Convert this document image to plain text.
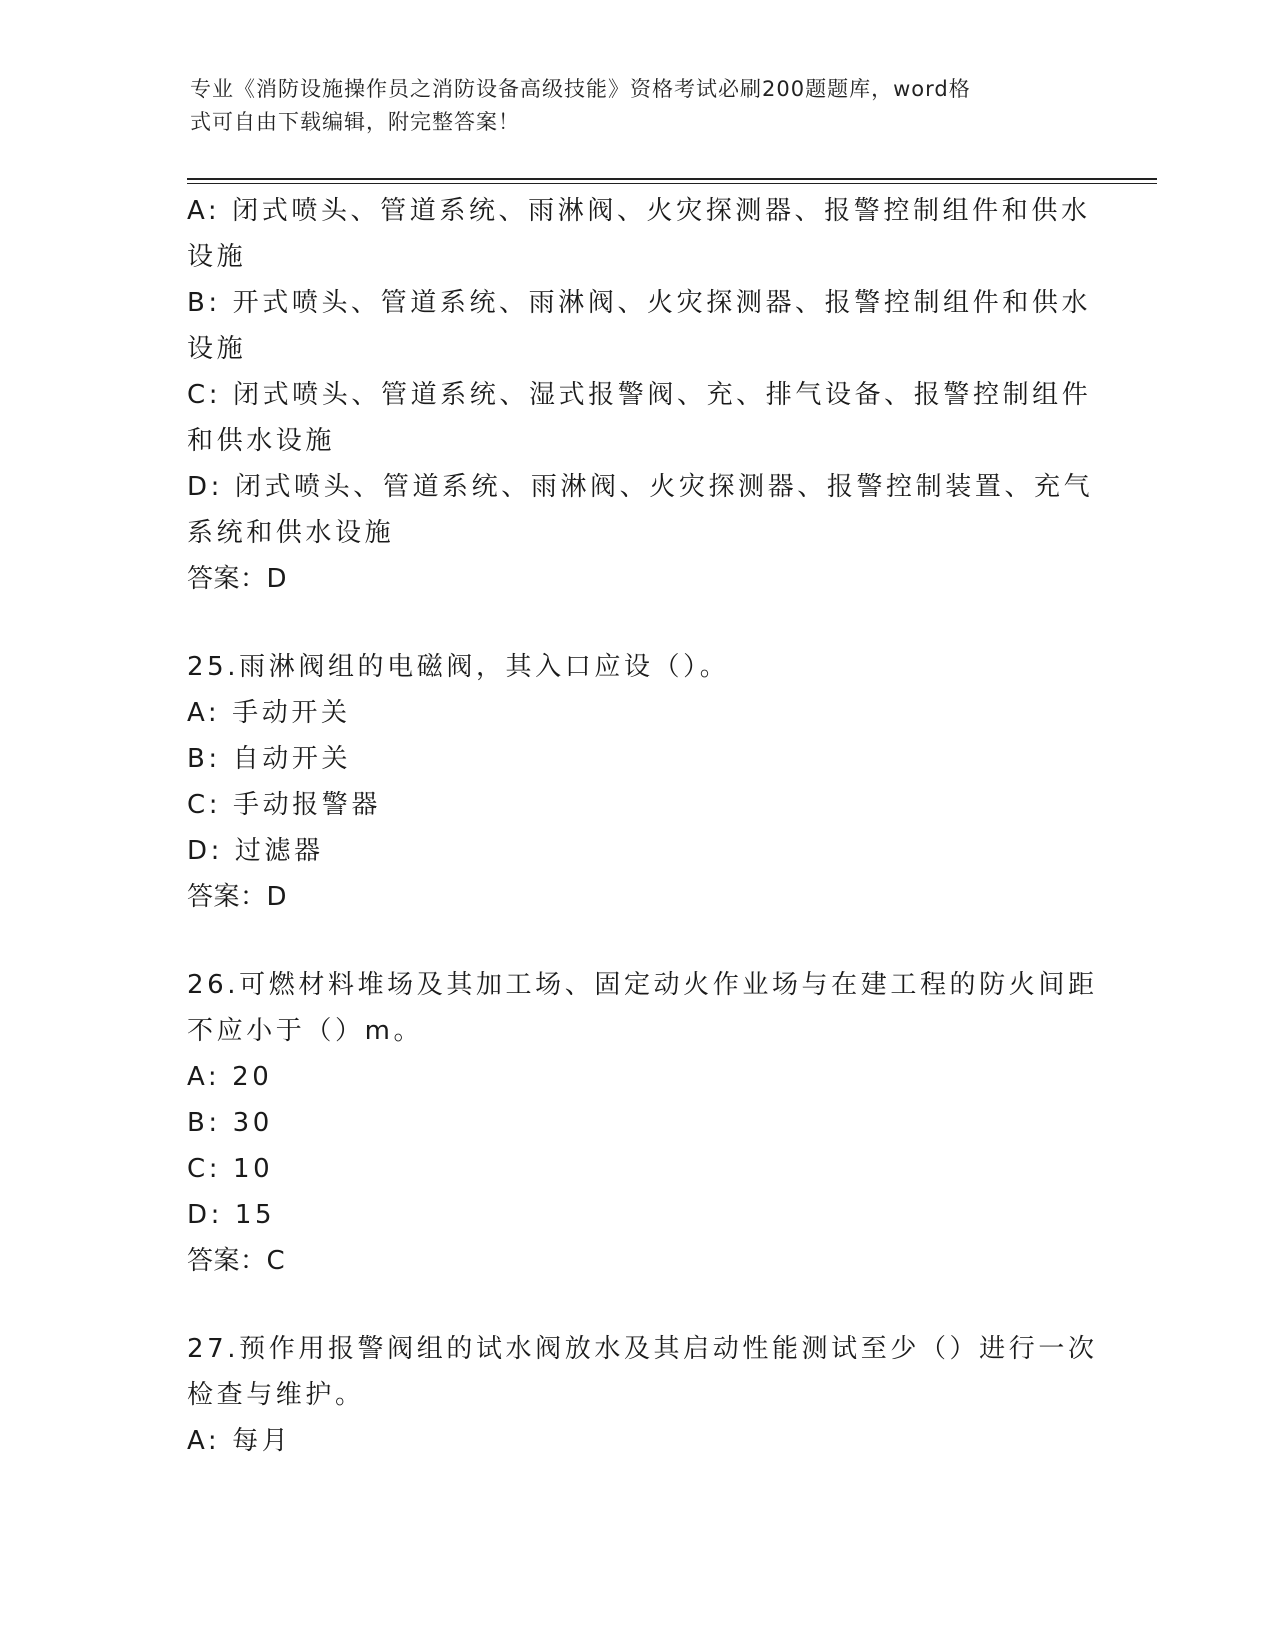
专业《消防设施操作员之消防设备高级技能》资格考试必刷200题题库，word格
式可自由下载编辑，附完整答案！
A: 闭式喷头、管道系统、雨淋阀、火灾探测器、报警控制组件和供水
设施
B: 开式喷头、管道系统、雨淋阀、火灾探测器、报警控制组件和供水
设施
C: 闭式喷头、管道系统、湿式报警阀、充、排气设备、报警控制组件
和供水设施
D: 闭式喷头、管道系统、雨淋阀、火灾探测器、报警控制装置、充气
系统和供水设施
答案：D
25.雨淋阀组的电磁阀，其入口应设（）。
A: 手动开关
B: 自动开关
C: 手动报警器
D: 过滤器
答案：D
26.可燃材料堆场及其加工场、固定动火作业场与在建工程的防火间距
不应小于（）m。
A: 20
B: 30
C: 10
D: 15
答案：C
27.预作用报警阀组的试水阀放水及其启动性能测试至少（）进行一次
检查与维护。
A: 每月
